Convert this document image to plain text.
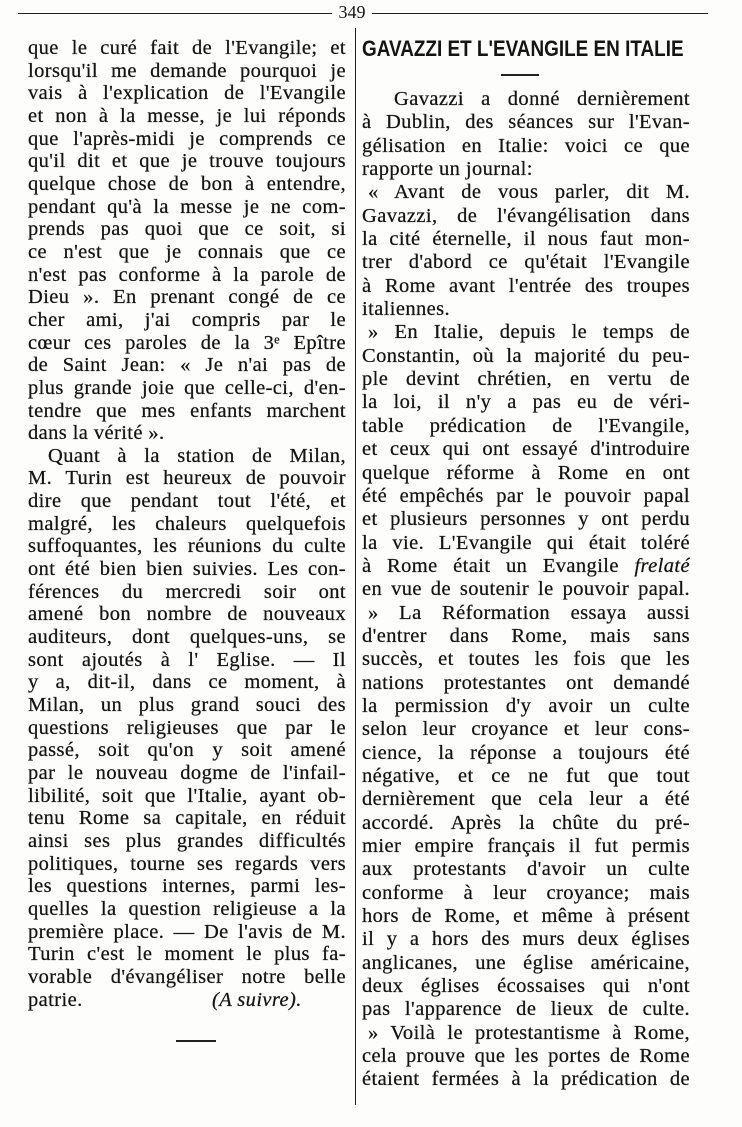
349
que le curé fait de l'Evangile; et
lorsqu'il me demande pourquoi je
vais à l'explication de l'Evangile
et non à la messe, je lui réponds
que l'après-midi je comprends ce
qu'il dit et que je trouve toujours
quelque chose de bon à entendre,
pendant qu'à la messe je ne com-
prends pas quoi que ce soit, si
ce n'est que je connais que ce
n'est pas conforme à la parole de
Dieu ». En prenant congé de ce
cher ami, j'ai compris par le
cœur ces paroles de la 3ᵉ Epître
de Saint Jean: « Je n'ai pas de
plus grande joie que celle-ci, d'en-
tendre que mes enfants marchent
dans la vérité ».
Quant à la station de Milan,
M. Turin est heureux de pouvoir
dire que pendant tout l'été, et
malgré, les chaleurs quelquefois
suffoquantes, les réunions du culte
ont été bien bien suivies. Les con-
férences du mercredi soir ont
amené bon nombre de nouveaux
auditeurs, dont quelques-uns, se
sont ajoutés à l' Eglise. — Il
y a, dit-il, dans ce moment, à
Milan, un plus grand souci des
questions religieuses que par le
passé, soit qu'on y soit amené
par le nouveau dogme de l'infail-
libilité, soit que l'Italie, ayant ob-
tenu Rome sa capitale, en réduit
ainsi ses plus grandes difficultés
politiques, tourne ses regards vers
les questions internes, parmi les-
quelles la question religieuse a la
première place. — De l'avis de M.
Turin c'est le moment le plus fa-
vorable d'évangéliser notre belle
patrie.	(A suivre).
GAVAZZI ET L'EVANGILE EN ITALIE
Gavazzi a donné dernièrement
à Dublin, des séances sur l'Evan-
gélisation en Italie: voici ce que
rapporte un journal:
« Avant de vous parler, dit M.
Gavazzi, de l'évangélisation dans
la cité éternelle, il nous faut mon-
trer d'abord ce qu'était l'Evangile
à Rome avant l'entrée des troupes
italiennes.
» En Italie, depuis le temps de
Constantin, où la majorité du peu-
ple devint chrétien, en vertu de
la loi, il n'y a pas eu de véri-
table prédication de l'Evangile,
et ceux qui ont essayé d'introduire
quelque réforme à Rome en ont
été empêchés par le pouvoir papal
et plusieurs personnes y ont perdu
la vie. L'Evangile qui était toléré
à Rome était un Evangile frelaté
en vue de soutenir le pouvoir papal.
» La Réformation essaya aussi
d'entrer dans Rome, mais sans
succès, et toutes les fois que les
nations protestantes ont demandé
la permission d'y avoir un culte
selon leur croyance et leur cons-
cience, la réponse a toujours été
négative, et ce ne fut que tout
dernièrement que cela leur a été
accordé. Après la chûte du pré-
mier empire français il fut permis
aux protestants d'avoir un culte
conforme à leur croyance; mais
hors de Rome, et même à présent
il y a hors des murs deux églises
anglicanes, une église américaine,
deux églises écossaises qui n'ont
pas l'apparence de lieux de culte.
» Voilà le protestantisme à Rome,
cela prouve que les portes de Rome
étaient fermées à la prédication de
